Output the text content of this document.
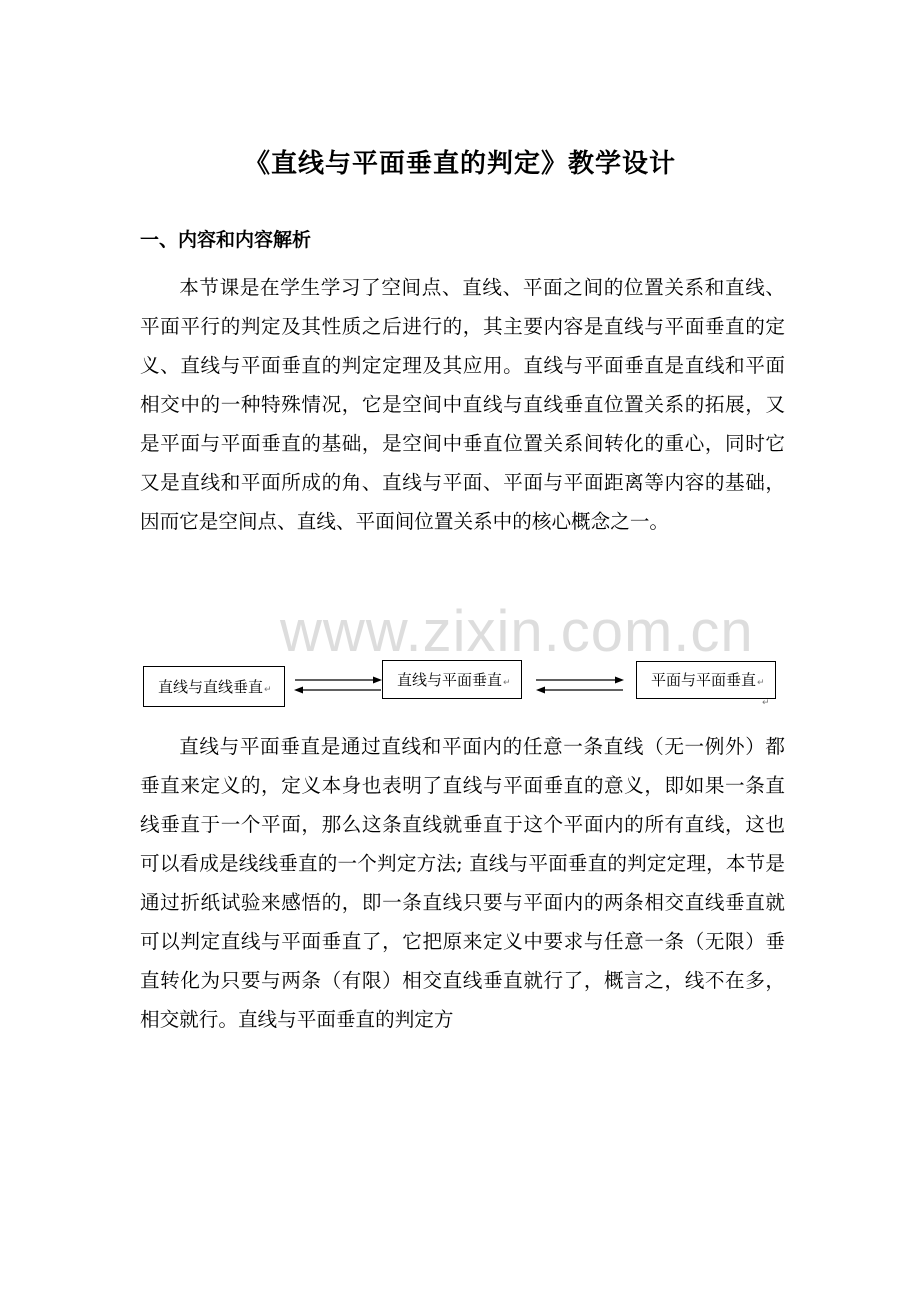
《直线与平面垂直的判定》教学设计
一、内容和内容解析

本节课是在学生学习了空间点、直线、平面之间的位置关系和直线、平面平行的判定及其性质之后进行的，其主要内容是直线与平面垂直的定义、直线与平面垂直的判定定理及其应用。直线与平面垂直是直线和平面相交中的一种特殊情况，它是空间中直线与直线垂直位置关系的拓展，又是平面与平面垂直的基础，是空间中垂直位置关系间转化的重心，同时它又是直线和平面所成的角、直线与平面、平面与平面距离等内容的基础，因而它是空间点、直线、平面间位置关系中的核心概念之一。

直线与直线垂直 ↵
直线与平面垂直 ↵	平面与平面垂直 ↵
↵

直线与平面垂直是通过直线和平面内的任意一条直线（无一例外）都垂直来定义的，定义本身也表明了直线与平面垂直的意义，即如果一条直线垂直于一个平面，那么这条直线就垂直于这个平面内的所有直线，这也可以看成是线线垂直的一个判定方法; 直线与平面垂直的判定定理，本节是通过折纸试验来感悟的，即一条直线只要与平面内的两条相交直线垂直就可以判定直线与平面垂直了，它把原来定义中要求与任意一条（无限）垂直转化为只要与两条（有限）相交直线垂直就行了，概言之，线不在多，相交就行。直线与平面垂直的判定方

www.zixin.com.cn
